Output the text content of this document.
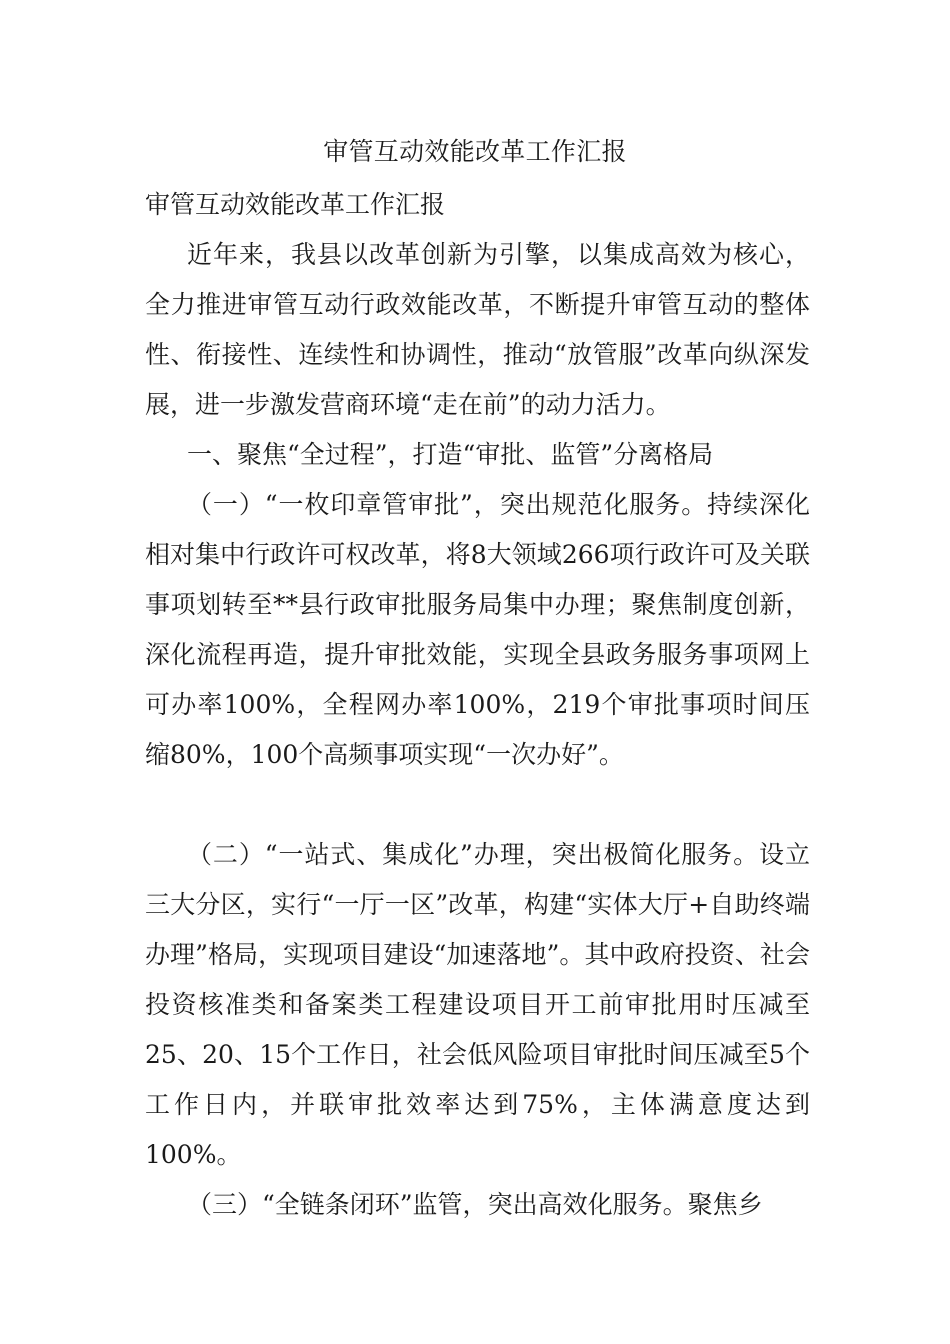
审管互动效能改革工作汇报
审管互动效能改革工作汇报
近年来，我县以改革创新为引擎，以集成高效为核心，全力推进审管互动行政效能改革，不断提升审管互动的整体性、衔接性、连续性和协调性，推动“放管服”改革向纵深发展，进一步激发营商环境“走在前”的动力活力。
一、聚焦“全过程”，打造“审批、监管”分离格局
（一）“一枚印章管审批”，突出规范化服务。持续深化相对集中行政许可权改革，将8大领域266项行政许可及关联事项划转至**县行政审批服务局集中办理；聚焦制度创新，深化流程再造，提升审批效能，实现全县政务服务事项网上可办率100%，全程网办率100%，219个审批事项时间压缩80%，100个高频事项实现“一次办好”。
（二）“一站式、集成化”办理，突出极简化服务。设立三大分区，实行“一厅一区”改革，构建“实体大厅+自助终端办理”格局，实现项目建设“加速落地”。其中政府投资、社会投资核准类和备案类工程建设项目开工前审批用时压减至25、20、15个工作日，社会低风险项目审批时间压减至5个工作日内，并联审批效率达到75%，主体满意度达到100%。
（三）“全链条闭环”监管，突出高效化服务。聚焦乡
